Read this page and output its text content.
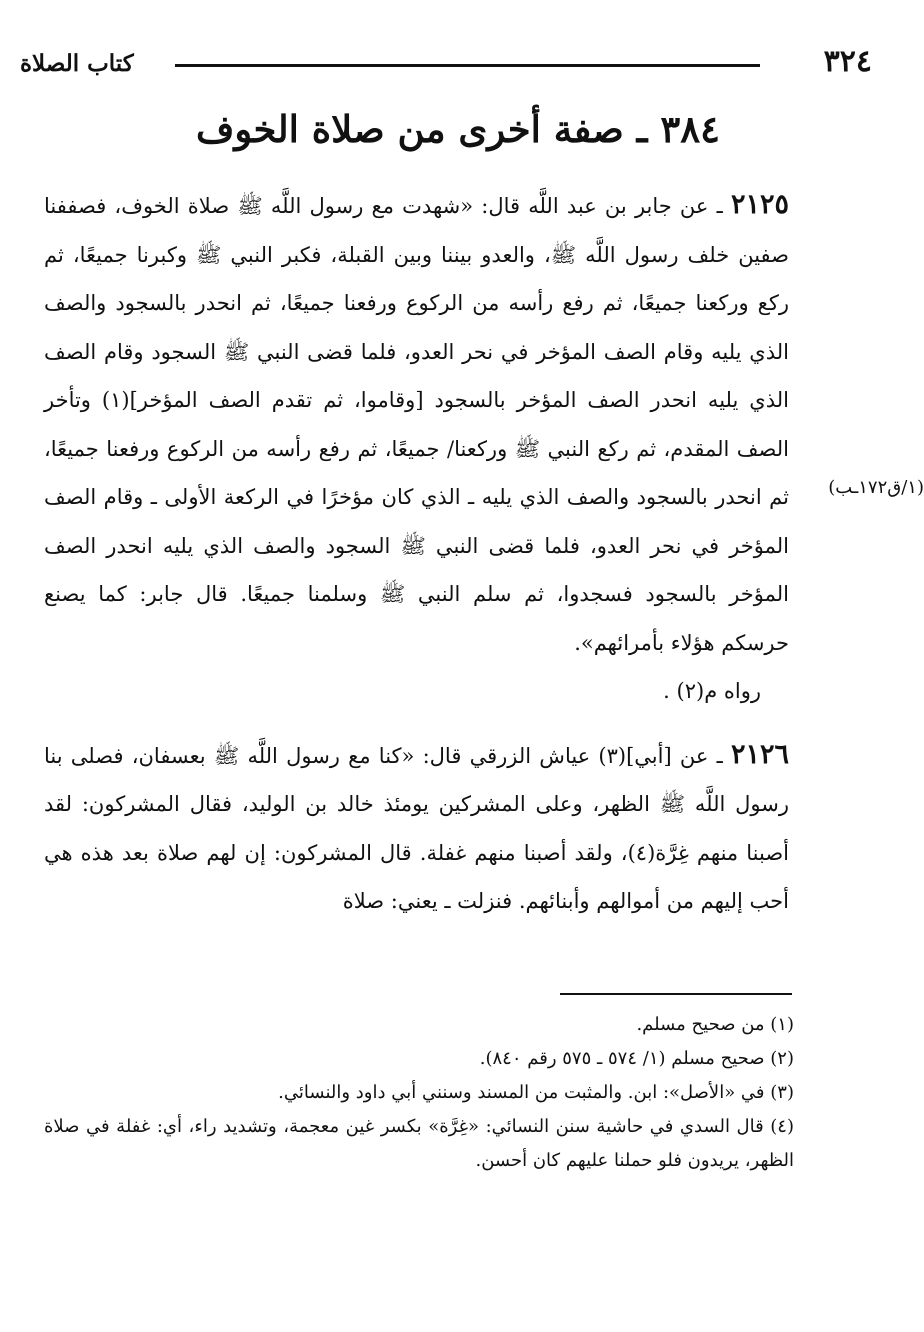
٣٢٤
كتاب الصلاة
٣٨٤ ـ صفة أخرى من صلاة الخوف

٢١٢٥ ـ عن جابر بن عبد اللَّه قال: «شهدت مع رسول اللَّه ﷺ صلاة الخوف، فصففنا صفين خلف رسول اللَّه ﷺ، والعدو بيننا وبين القبلة، فكبر النبي ﷺ وكبرنا جميعًا، ثم ركع وركعنا جميعًا، ثم رفع رأسه من الركوع ورفعنا جميعًا، ثم انحدر بالسجود والصف الذي يليه وقام الصف المؤخر في نحر العدو، فلما قضى النبي ﷺ السجود وقام الصف الذي يليه انحدر الصف المؤخر بالسجود [وقاموا، ثم تقدم الصف المؤخر](١) وتأخر الصف المقدم، ثم ركع النبي ﷺ وركعنا/ جميعًا، ثم رفع رأسه من الركوع ورفعنا جميعًا، ثم انحدر بالسجود والصف الذي يليه ـ الذي كان مؤخرًا في الركعة الأولى ـ وقام الصف المؤخر في نحر العدو، فلما قضى النبي ﷺ السجود والصف الذي يليه انحدر الصف المؤخر بالسجود فسجدوا، ثم سلم النبي ﷺ وسلمنا جميعًا. قال جابر: كما يصنع حرسكم هؤلاء بأمرائهم».

رواه م(٢) .

٢١٢٦ ـ عن [أبي](٣) عياش الزرقي قال: «كنا مع رسول اللَّه ﷺ بعسفان، فصلى بنا رسول اللَّه ﷺ الظهر، وعلى المشركين يومئذ خالد بن الوليد، فقال المشركون: لقد أصبنا منهم غِرَّة(٤)، ولقد أصبنا منهم غفلة. قال المشركون: إن لهم صلاة بعد هذه هي أحب إليهم من أموالهم وأبنائهم. فنزلت ـ يعني: صلاة

(١/ق١٧٢ـب)

(١) من صحيح مسلم.

(٢) صحيح مسلم (١/ ٥٧٤ ـ ٥٧٥ رقم ٨٤٠).

(٣) في «الأصل»: ابن. والمثبت من المسند وسنني أبي داود والنسائي.

(٤) قال السدي في حاشية سنن النسائي: «غِرَّة» بكسر غين معجمة، وتشديد راء، أي: غفلة في صلاة الظهر، يريدون فلو حملنا عليهم كان أحسن.
